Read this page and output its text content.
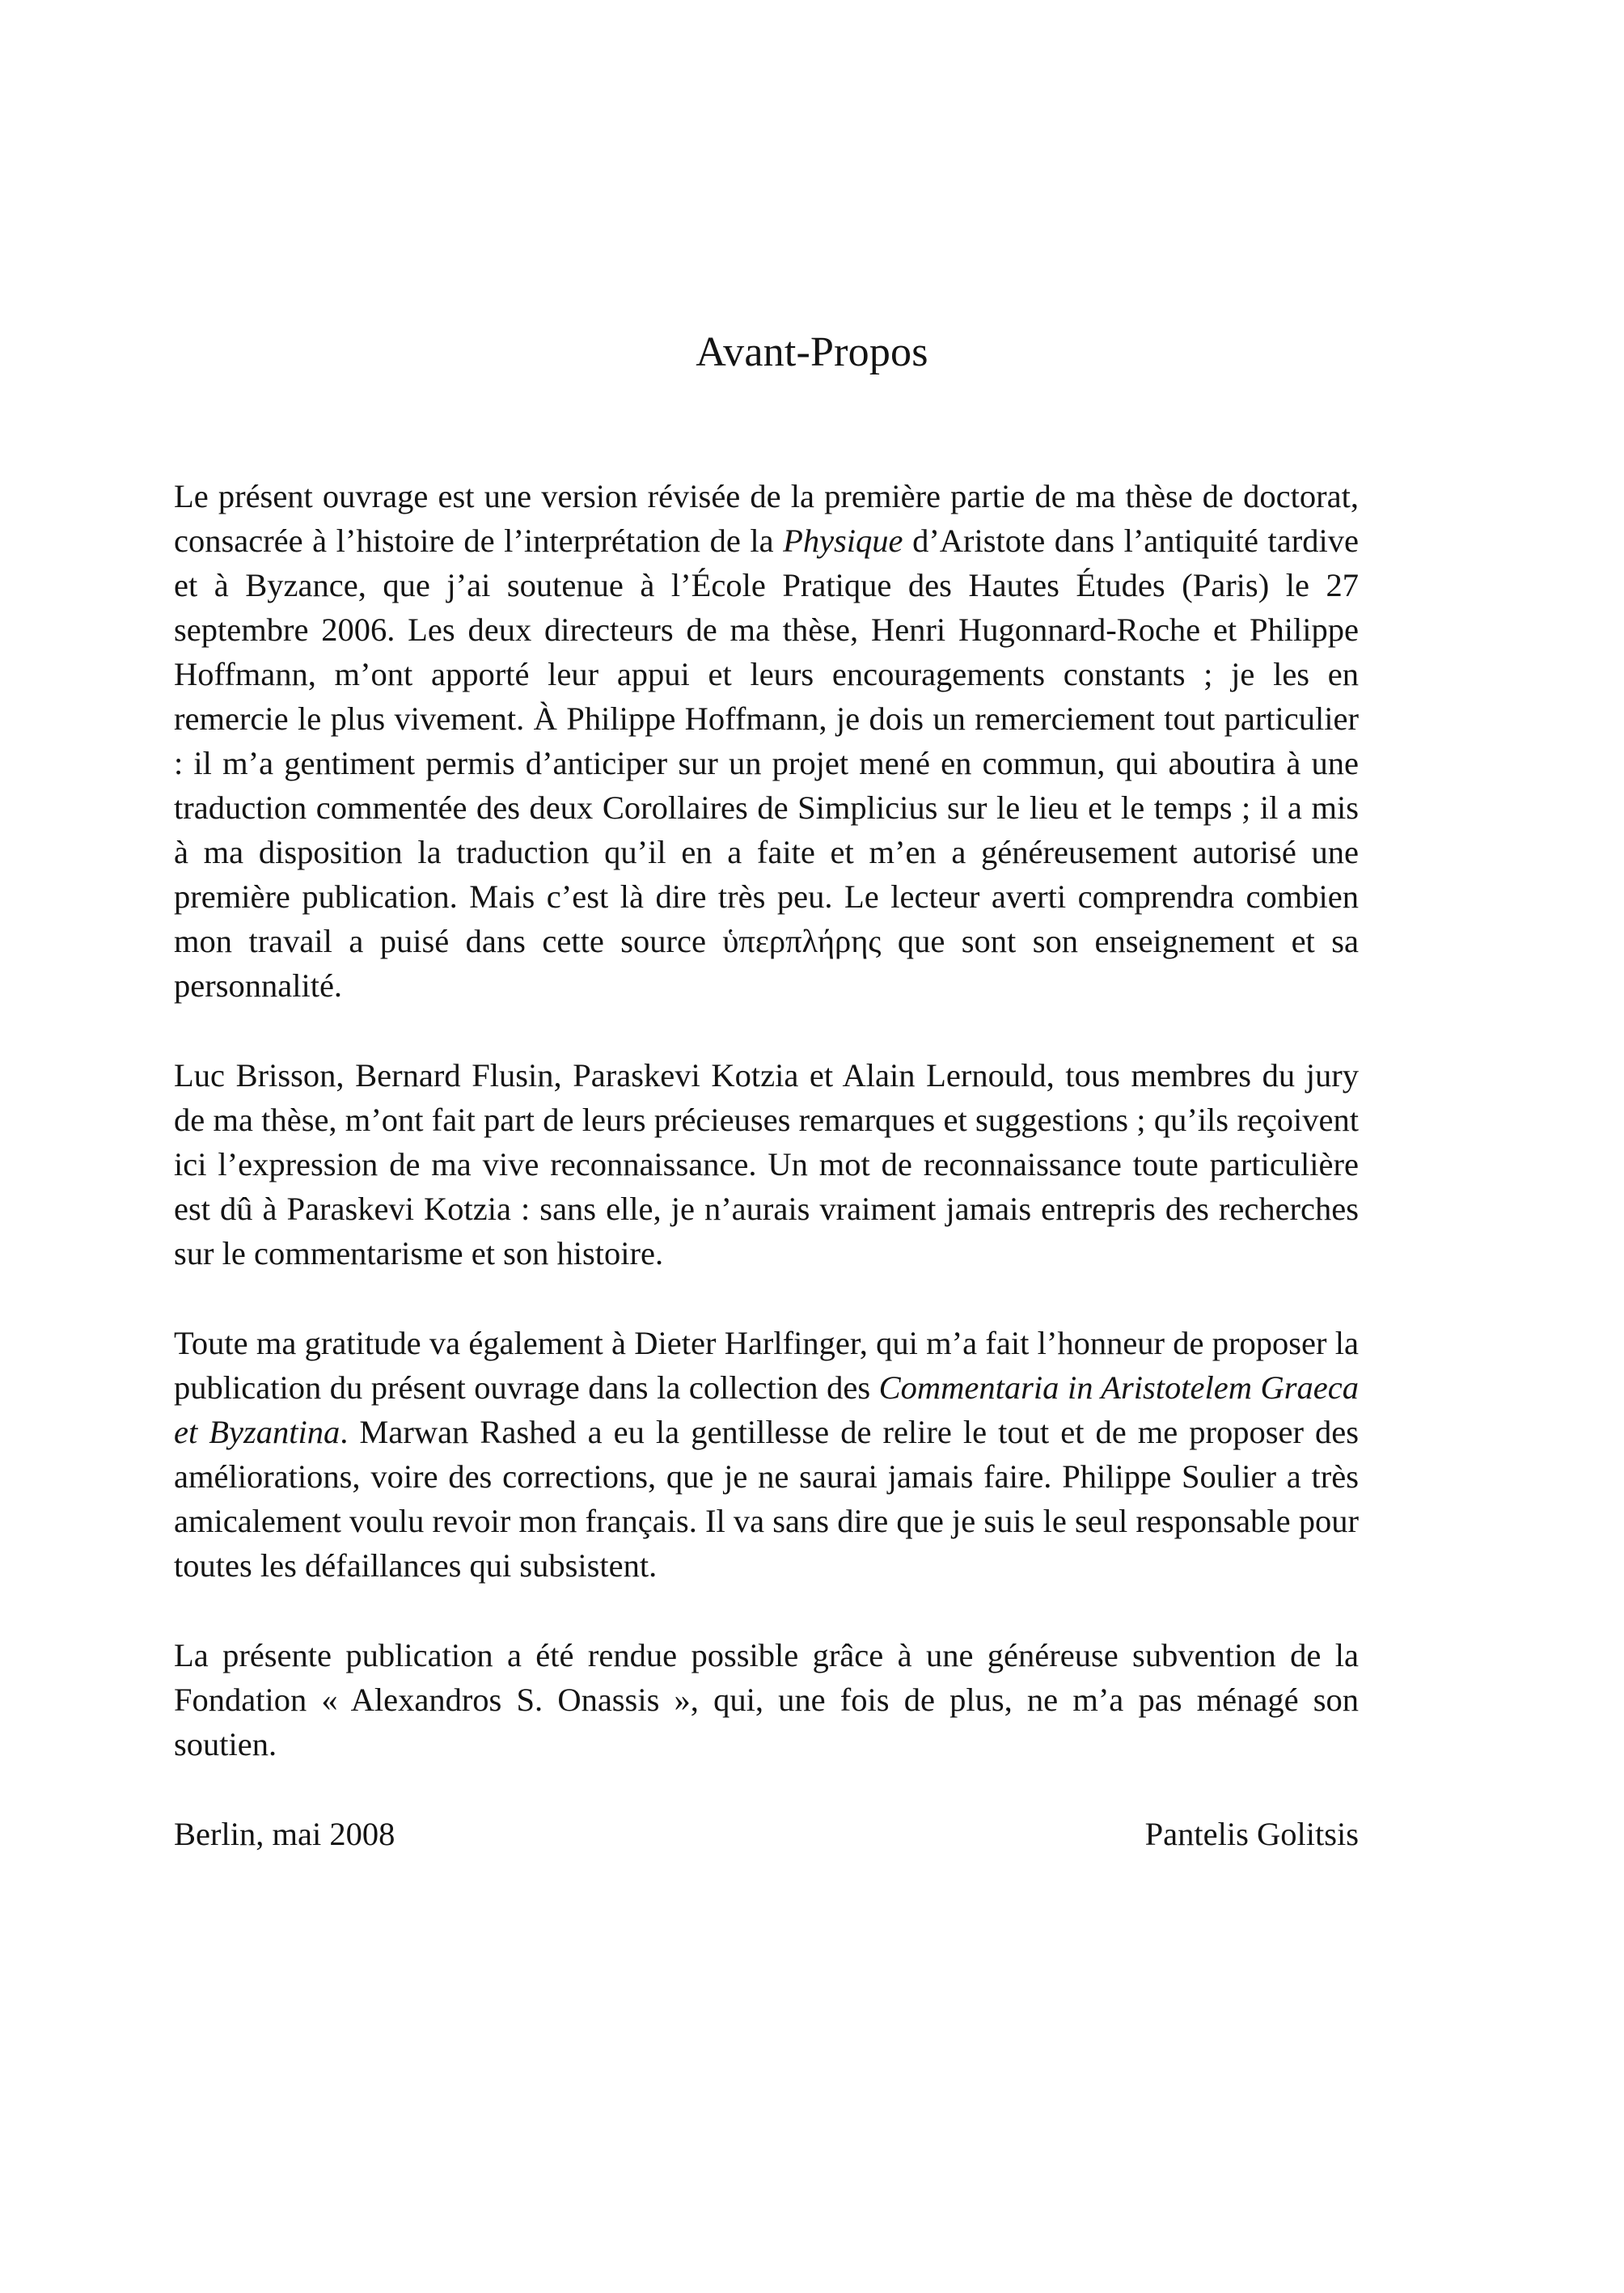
Avant-Propos

Le présent ouvrage est une version révisée de la première partie de ma thèse de doctorat, consacrée à l’histoire de l’interprétation de la Physique d’Aristote dans l’antiquité tardive et à Byzance, que j’ai soutenue à l’École Pratique des Hautes Études (Paris) le 27 septembre 2006. Les deux directeurs de ma thèse, Henri Hugonnard-Roche et Philippe Hoffmann, m’ont apporté leur appui et leurs encouragements constants ; je les en remercie le plus vivement. À Philippe Hoffmann, je dois un remerciement tout particulier : il m’a gentiment permis d’anticiper sur un projet mené en commun, qui aboutira à une traduction commentée des deux Corollaires de Simplicius sur le lieu et le temps ; il a mis à ma disposition la traduction qu’il en a faite et m’en a généreusement autorisé une première publication. Mais c’est là dire très peu. Le lecteur averti comprendra combien mon travail a puisé dans cette source ὑπερπλήρης que sont son enseignement et sa personnalité.

Luc Brisson, Bernard Flusin, Paraskevi Kotzia et Alain Lernould, tous membres du jury de ma thèse, m’ont fait part de leurs précieuses remarques et suggestions ; qu’ils reçoivent ici l’expression de ma vive reconnaissance. Un mot de reconnaissance toute particulière est dû à Paraskevi Kotzia : sans elle, je n’aurais vraiment jamais entrepris des recherches sur le commentarisme et son histoire.

Toute ma gratitude va également à Dieter Harlfinger, qui m’a fait l’honneur de proposer la publication du présent ouvrage dans la collection des Commentaria in Aristotelem Graeca et Byzantina. Marwan Rashed a eu la gentillesse de relire le tout et de me proposer des améliorations, voire des corrections, que je ne saurai jamais faire. Philippe Soulier a très amicalement voulu revoir mon français. Il va sans dire que je suis le seul responsable pour toutes les défaillances qui subsistent.

La présente publication a été rendue possible grâce à une généreuse subvention de la Fondation « Alexandros S. Onassis », qui, une fois de plus, ne m’a pas ménagé son soutien.

Berlin, mai 2008	Pantelis Golitsis
